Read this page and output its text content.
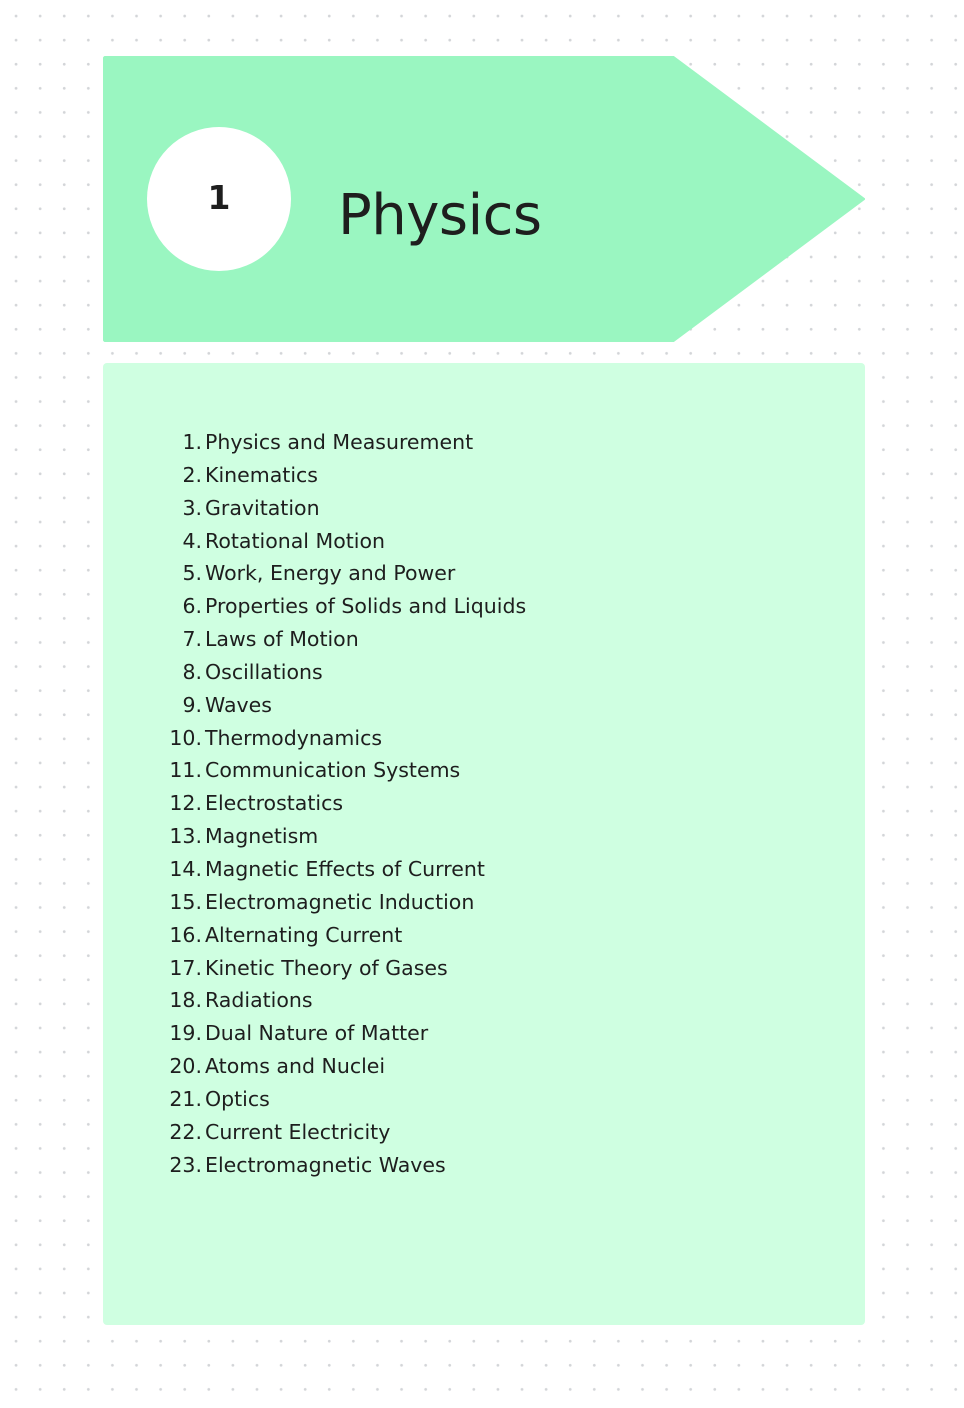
1 Physics
1. Physics and Measurement
2. Kinematics
3. Gravitation
4. Rotational Motion
5. Work, Energy and Power
6. Properties of Solids and Liquids
7. Laws of Motion
8. Oscillations
9. Waves
10. Thermodynamics
11. Communication Systems
12. Electrostatics
13. Magnetism
14. Magnetic Effects of Current
15. Electromagnetic Induction
16. Alternating Current
17. Kinetic Theory of Gases
18. Radiations
19. Dual Nature of Matter
20. Atoms and Nuclei
21. Optics
22. Current Electricity
23. Electromagnetic Waves
